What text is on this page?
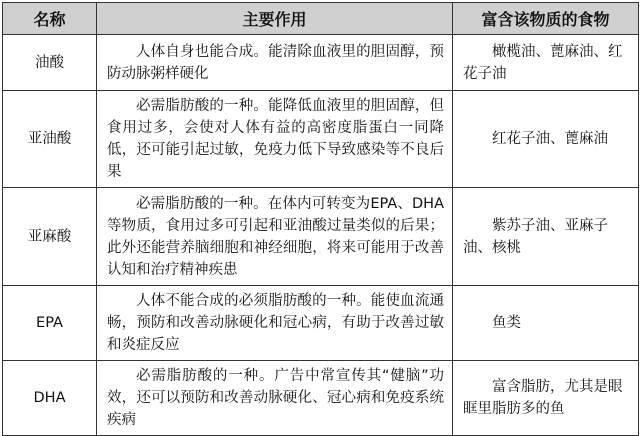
名称	主要作用	富含该物质的食物
油酸	人体自身也能合成。能清除血液里的胆固醇，预防动脉粥样硬化	橄榄油、蓖麻油、红花子油
亚油酸	必需脂肪酸的一种。能降低血液里的胆固醇，但食用过多，会使对人体有益的高密度脂蛋白一同降低，还可能引起过敏，免疫力低下导致感染等不良后果	红花子油、蓖麻油
亚麻酸	必需脂肪酸的一种。在体内可转变为EPA、DHA等物质，食用过多可引起和亚油酸过量类似的后果；此外还能营养脑细胞和神经细胞，将来可能用于改善认知和治疗精神疾患	紫苏子油、亚麻子油、核桃
EPA	人体不能合成的必须脂肪酸的一种。能使血流通畅，预防和改善动脉硬化和冠心病，有助于改善过敏和炎症反应	鱼类
DHA	必需脂肪酸的一种。广告中常宣传其“健脑”功效，还可以预防和改善动脉硬化、冠心病和免疫系统疾病	富含脂肪，尤其是眼眶里脂肪多的鱼
